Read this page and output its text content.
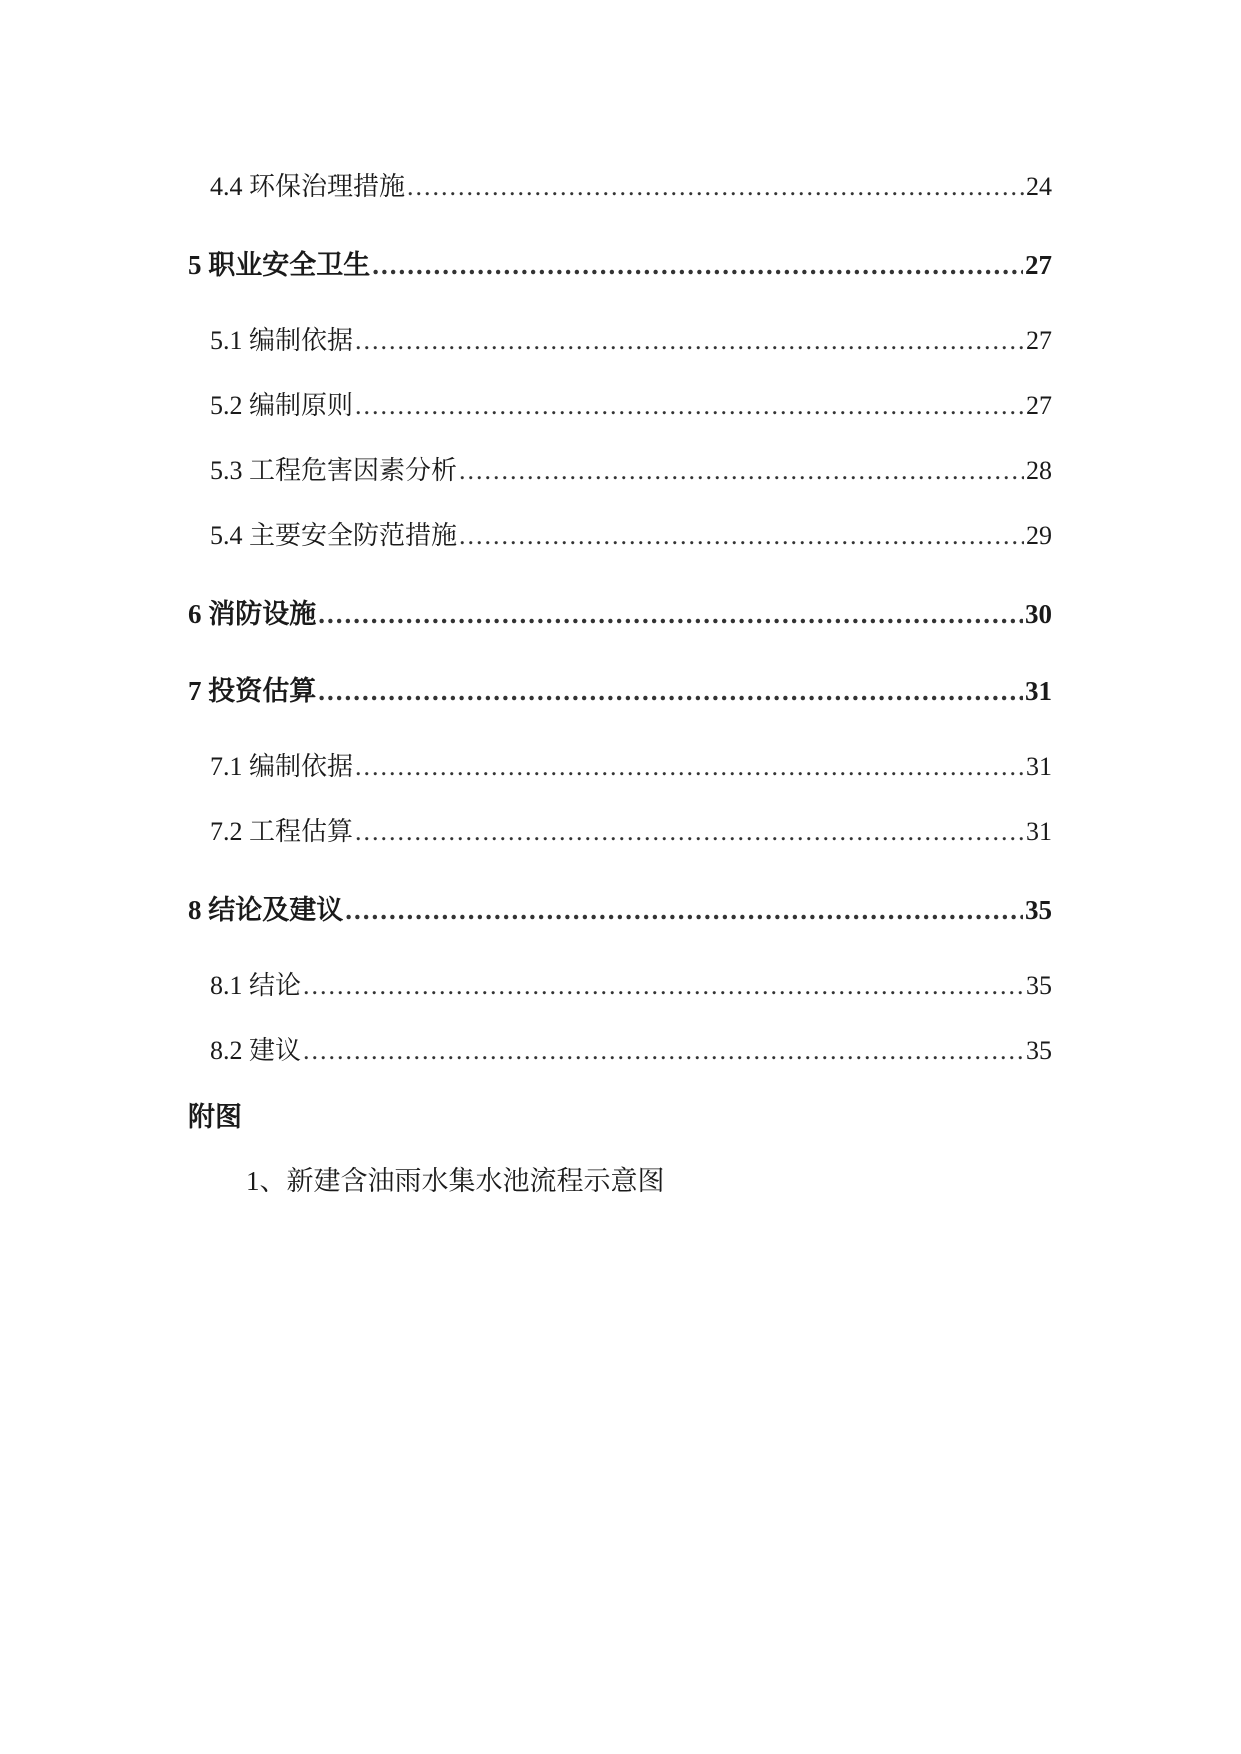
4.4 环保治理措施 .....	24
5 职业安全卫生 .....	27
5.1 编制依据 .....	27
5.2 编制原则 .....	27
5.3 工程危害因素分析 .....	28
5.4 主要安全防范措施 .....	29
6 消防设施 .....	30
7 投资估算 .....	31
7.1 编制依据 .....	31
7.2 工程估算 .....	31
8 结论及建议 .....	35
8.1 结论 .....	35
8.2 建议 .....	35
附图
1、新建含油雨水集水池流程示意图
